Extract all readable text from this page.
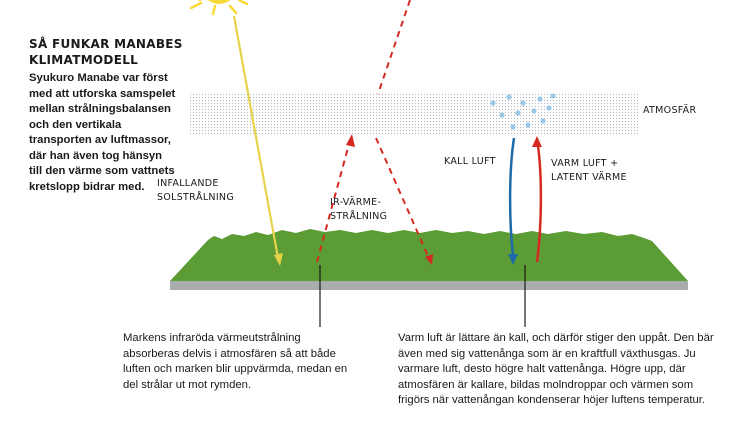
SÅ FUNKAR MANABES KLIMATMODELL
Syukuro Manabe var först med att utforska samspelet mellan strålningsbalansen och den vertikala transporten av luftmassor, där han även tog hänsyn till den värme som vattnets kretslopp bidrar med.
ATMOSFÄR
KALL LUFT	VARM LUFT + LATENT VÄRME
INFALLANDE SOLSTRÅLNING	IR-VÄRME-STRÅLNING
Markens infraröda värmeutstrålning absorberas delvis i atmosfären så att både luften och marken blir uppvärmda, medan en del strålar ut mot rymden.
Varm luft är lättare än kall, och därför stiger den uppåt. Den bär även med sig vattenånga som är en kraftfull växthusgas. Ju varmare luft, desto högre halt vattenånga. Högre upp, där atmosfären är kallare, bildas molndroppar och värmen som frigörs när vattenångan kondenserar höjer luftens temperatur.
